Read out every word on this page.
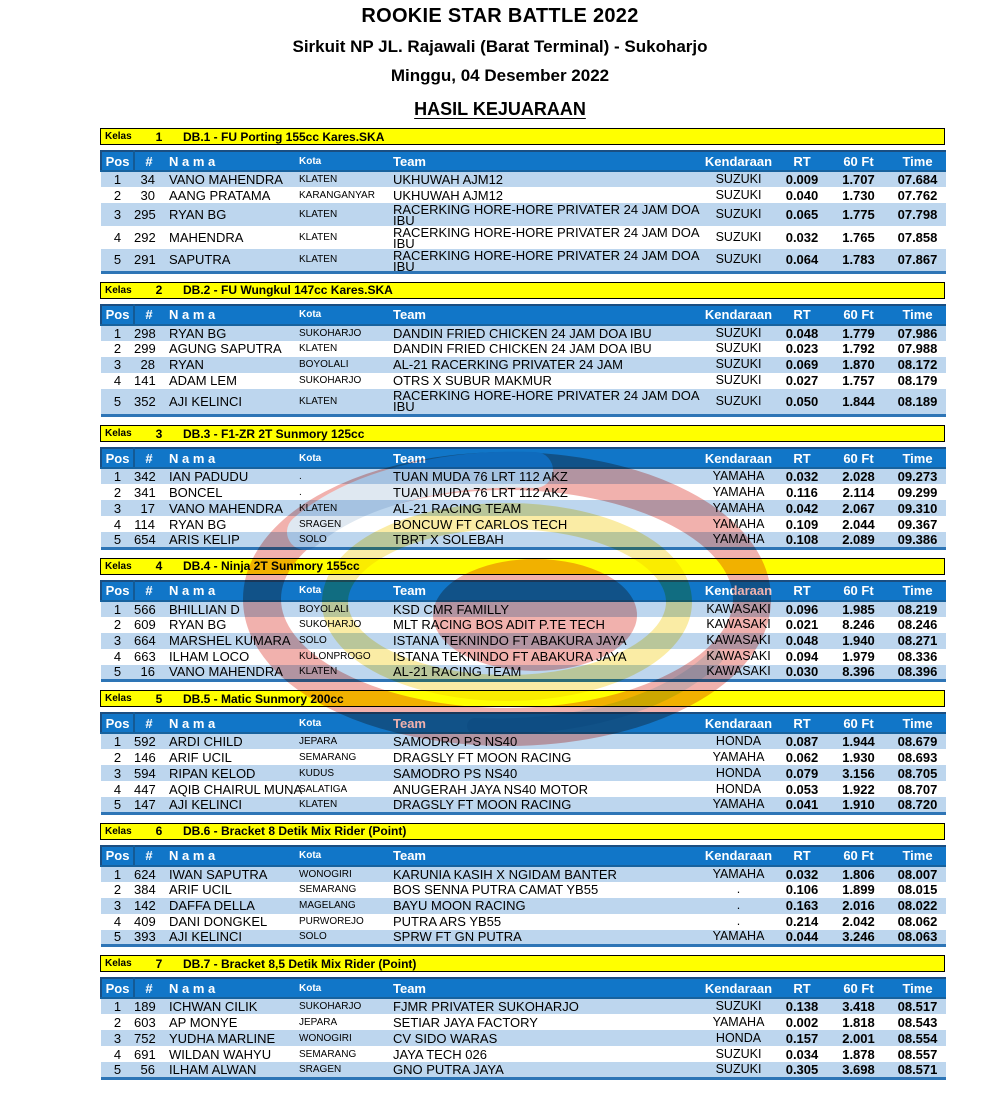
ROOKIE STAR BATTLE 2022
Sirkuit NP JL. Rajawali (Barat Terminal) - Sukoharjo
Minggu, 04 Desember 2022
HASIL KEJUARAAN
Kelas	1	DB.1 - FU Porting 155cc Kares.SKA
Pos	#	N a m a	Kota	Team	Kendaraan	RT	60 Ft	Time
1	34	VANO MAHENDRA	KLATEN	UKHUWAH AJM12	SUZUKI	0.009	1.707	07.684
2	30	AANG PRATAMA	KARANGANYAR	UKHUWAH AJM12	SUZUKI	0.040	1.730	07.762
3	295	RYAN BG	KLATEN	RACERKING HORE-HORE PRIVATER 24 JAM DOA
IBU	SUZUKI	0.065	1.775	07.798
4	292	MAHENDRA	KLATEN	RACERKING HORE-HORE PRIVATER 24 JAM DOA
IBU	SUZUKI	0.032	1.765	07.858
5	291	SAPUTRA	KLATEN	RACERKING HORE-HORE PRIVATER 24 JAM DOA
IBU	SUZUKI	0.064	1.783	07.867
Kelas	2	DB.2 - FU Wungkul 147cc Kares.SKA
Pos	#	N a m a	Kota	Team	Kendaraan	RT	60 Ft	Time
1	298	RYAN BG	SUKOHARJO	DANDIN FRIED CHICKEN 24 JAM DOA IBU	SUZUKI	0.048	1.779	07.986
2	299	AGUNG SAPUTRA	KLATEN	DANDIN FRIED CHICKEN 24 JAM DOA IBU	SUZUKI	0.023	1.792	07.988
3	28	RYAN	BOYOLALI	AL-21 RACERKING PRIVATER 24 JAM	SUZUKI	0.069	1.870	08.172
4	141	ADAM LEM	SUKOHARJO	OTRS X SUBUR MAKMUR	SUZUKI	0.027	1.757	08.179
5	352	AJI KELINCI	KLATEN	RACERKING HORE-HORE PRIVATER 24 JAM DOA
IBU	SUZUKI	0.050	1.844	08.189
Kelas	3	DB.3 - F1-ZR 2T Sunmory 125cc
Pos	#	N a m a	Kota	Team	Kendaraan	RT	60 Ft	Time
1	342	IAN PADUDU	.	TUAN MUDA 76 LRT 112 AKZ	YAMAHA	0.032	2.028	09.273
2	341	BONCEL	.	TUAN MUDA 76 LRT 112 AKZ	YAMAHA	0.116	2.114	09.299
3	17	VANO MAHENDRA	KLATEN	AL-21 RACING TEAM	YAMAHA	0.042	2.067	09.310
4	114	RYAN BG	SRAGEN	BONCUW FT CARLOS TECH	YAMAHA	0.109	2.044	09.367
5	654	ARIS KELIP	SOLO	TBRT X SOLEBAH	YAMAHA	0.108	2.089	09.386
Kelas	4	DB.4 - Ninja 2T Sunmory 155cc
Pos	#	N a m a	Kota	Team	Kendaraan	RT	60 Ft	Time
1	566	BHILLIAN D	BOYOLALI	KSD CMR FAMILLY	KAWASAKI	0.096	1.985	08.219
2	609	RYAN BG	SUKOHARJO	MLT RACING BOS ADIT P.TE TECH	KAWASAKI	0.021	8.246	08.246
3	664	MARSHEL KUMARA	SOLO	ISTANA TEKNINDO FT ABAKURA JAYA	KAWASAKI	0.048	1.940	08.271
4	663	ILHAM LOCO	KULONPROGO	ISTANA TEKNINDO FT ABAKURA JAYA	KAWASAKI	0.094	1.979	08.336
5	16	VANO MAHENDRA	KLATEN	AL-21 RACING TEAM	KAWASAKI	0.030	8.396	08.396
Kelas	5	DB.5 - Matic Sunmory 200cc
Pos	#	N a m a	Kota	Team	Kendaraan	RT	60 Ft	Time
1	592	ARDI CHILD	JEPARA	SAMODRO PS NS40	HONDA	0.087	1.944	08.679
2	146	ARIF UCIL	SEMARANG	DRAGSLY FT MOON RACING	YAMAHA	0.062	1.930	08.693
3	594	RIPAN KELOD	KUDUS	SAMODRO PS NS40	HONDA	0.079	3.156	08.705
4	447	AQIB CHAIRUL MUNA	SALATIGA	ANUGERAH JAYA NS40 MOTOR	HONDA	0.053	1.922	08.707
5	147	AJI KELINCI	KLATEN	DRAGSLY FT MOON RACING	YAMAHA	0.041	1.910	08.720
Kelas	6	DB.6 - Bracket 8 Detik Mix Rider (Point)
Pos	#	N a m a	Kota	Team	Kendaraan	RT	60 Ft	Time
1	624	IWAN SAPUTRA	WONOGIRI	KARUNIA KASIH X NGIDAM BANTER	YAMAHA	0.032	1.806	08.007
2	384	ARIF UCIL	SEMARANG	BOS SENNA PUTRA CAMAT YB55	.	0.106	1.899	08.015
3	142	DAFFA DELLA	MAGELANG	BAYU MOON RACING	.	0.163	2.016	08.022
4	409	DANI DONGKEL	PURWOREJO	PUTRA ARS YB55	.	0.214	2.042	08.062
5	393	AJI KELINCI	SOLO	SPRW FT GN PUTRA	YAMAHA	0.044	3.246	08.063
Kelas	7	DB.7 - Bracket 8,5 Detik Mix Rider (Point)
Pos	#	N a m a	Kota	Team	Kendaraan	RT	60 Ft	Time
1	189	ICHWAN CILIK	SUKOHARJO	FJMR PRIVATER SUKOHARJO	SUZUKI	0.138	3.418	08.517
2	603	AP MONYE	JEPARA	SETIAR JAYA FACTORY	YAMAHA	0.002	1.818	08.543
3	752	YUDHA MARLINE	WONOGIRI	CV SIDO WARAS	HONDA	0.157	2.001	08.554
4	691	WILDAN WAHYU	SEMARANG	JAYA TECH 026	SUZUKI	0.034	1.878	08.557
5	56	ILHAM ALWAN	SRAGEN	GNO PUTRA JAYA	SUZUKI	0.305	3.698	08.571
